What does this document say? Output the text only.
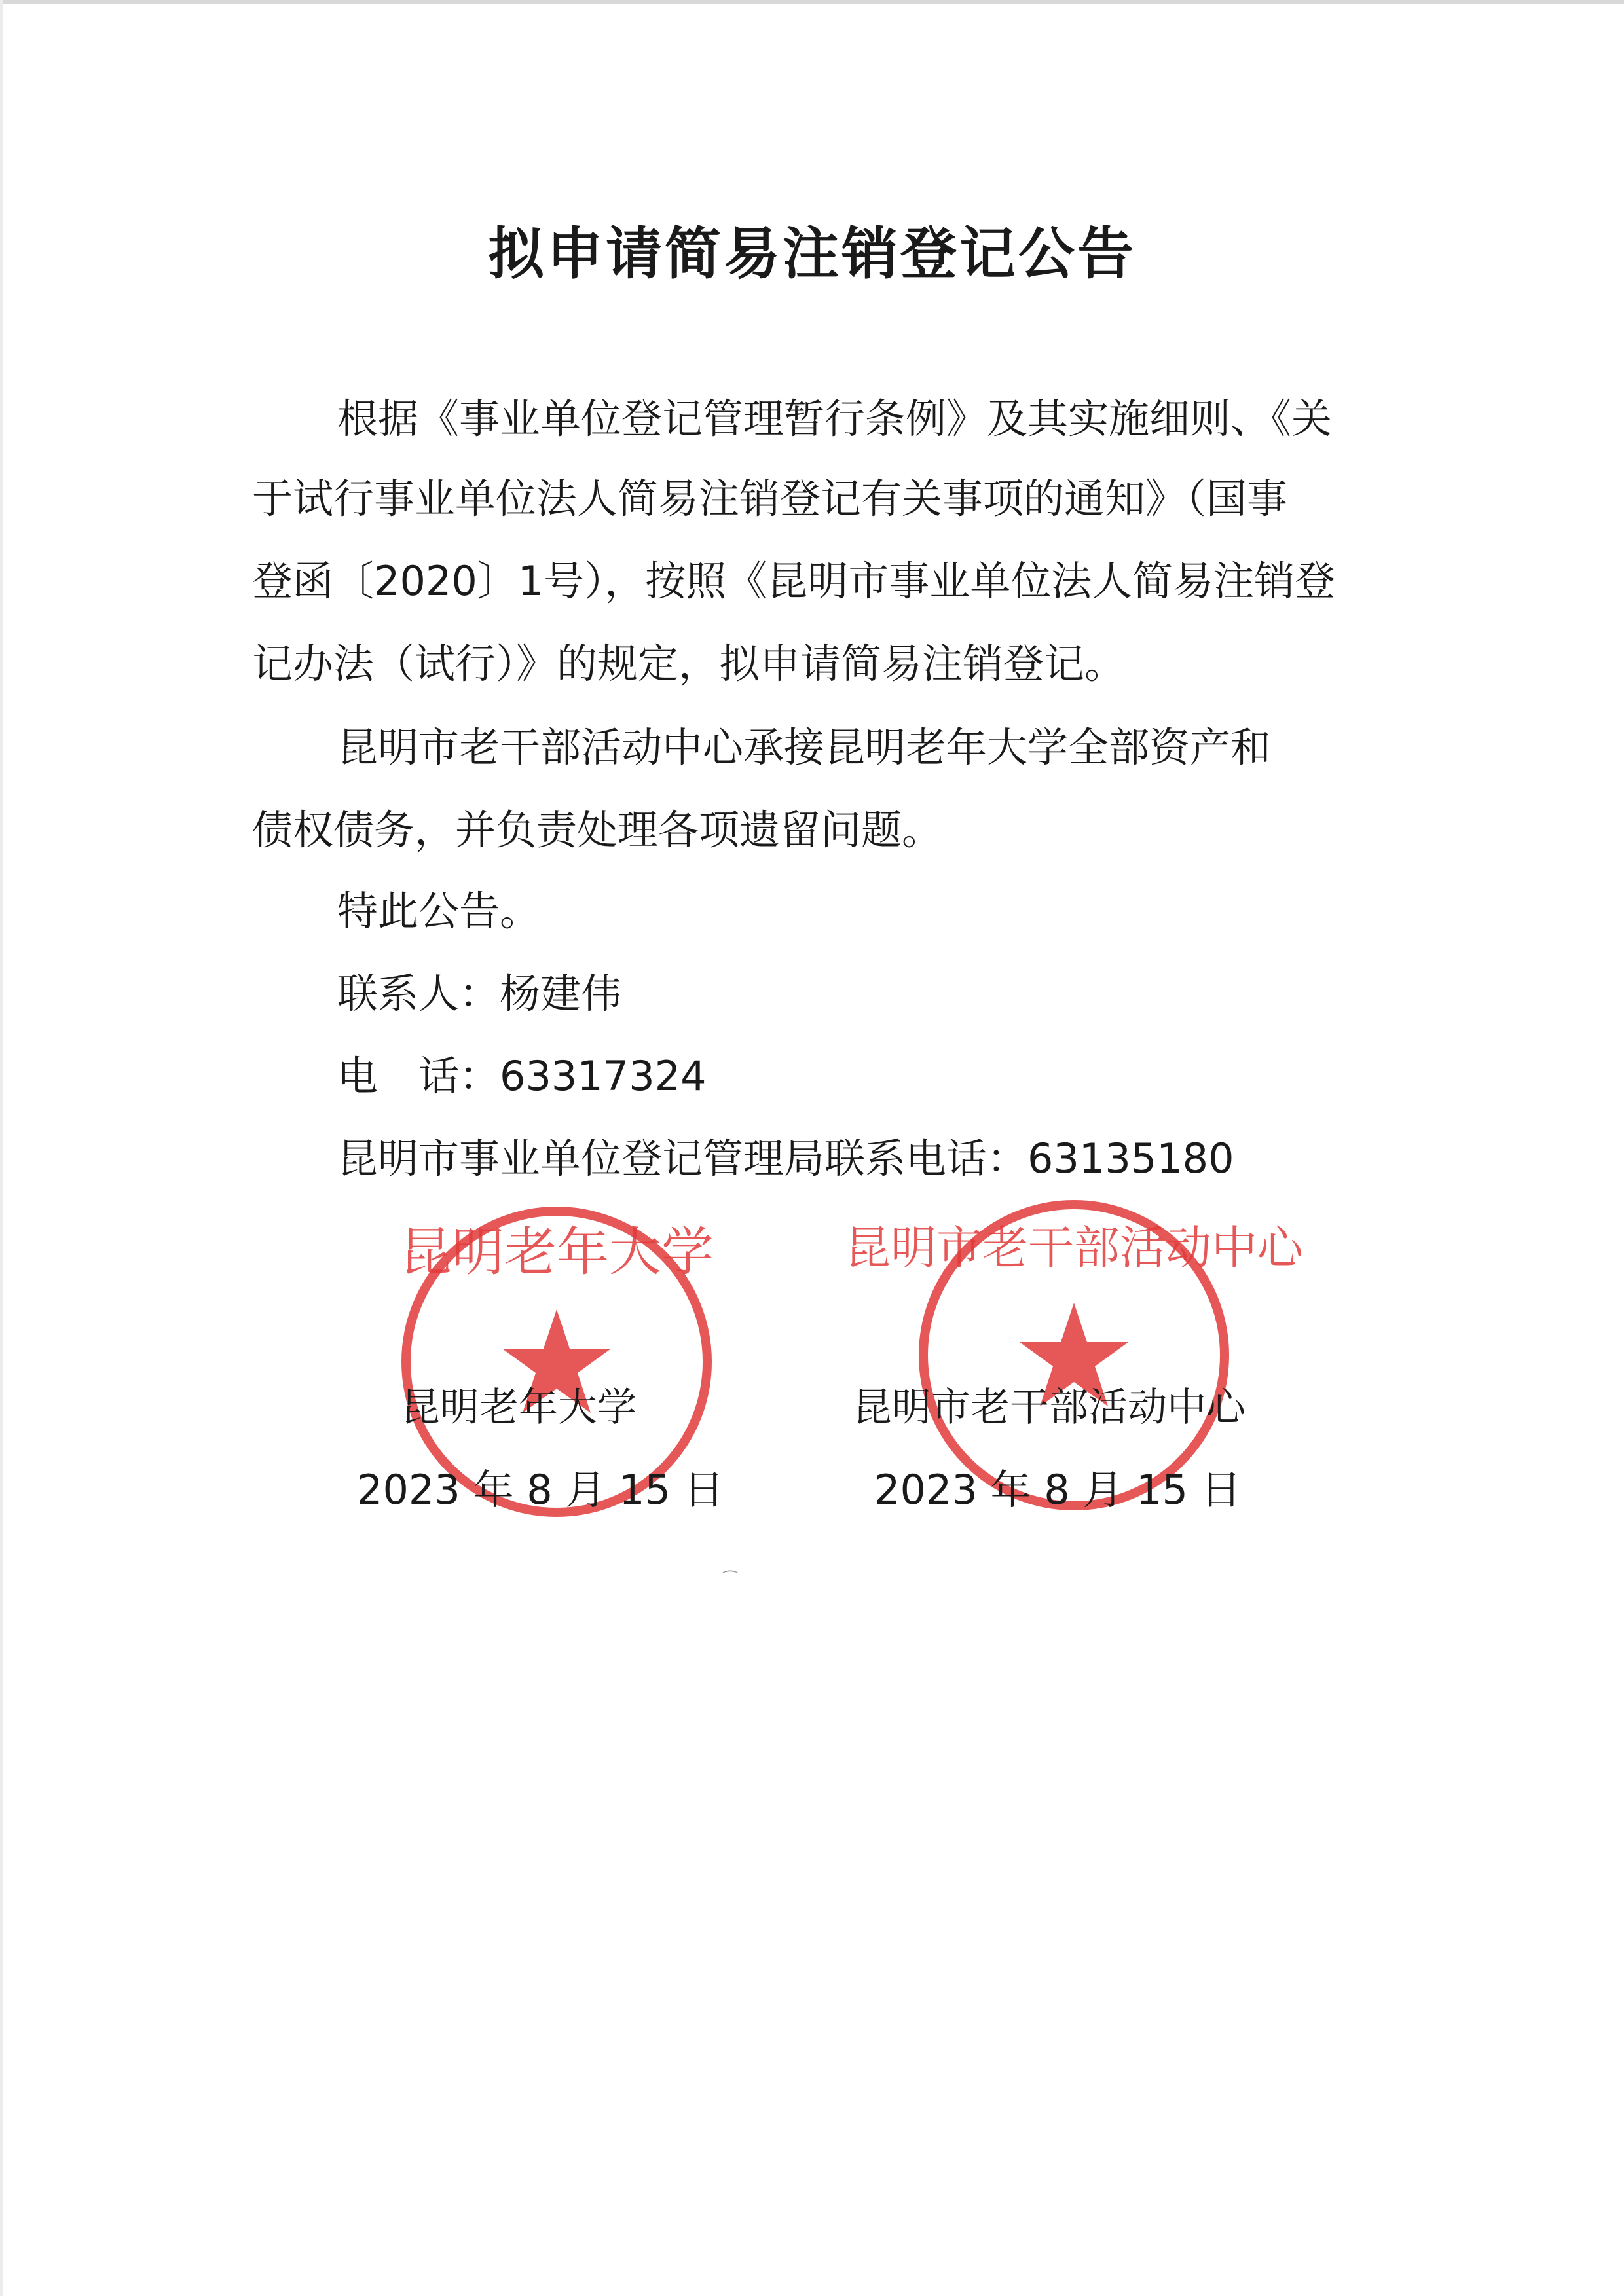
拟申请简易注销登记公告
根据《事业单位登记管理暂行条例》及其实施细则、《关
于试行事业单位法人简易注销登记有关事项的通知》（国事
登函〔2020〕1号），按照《昆明市事业单位法人简易注销登
记办法（试行）》的规定，拟申请简易注销登记。
昆明市老干部活动中心承接昆明老年大学全部资产和
债权债务，并负责处理各项遗留问题。
特此公告。
联系人：杨建伟
电　话：63317324
昆明市事业单位登记管理局联系电话：63135180
昆明老年大学	昆明市老干部活动中心
昆明老年大学
2023 年 8 月 15 日
昆明市老干部活动中心
2023 年 8 月 15 日
⌒
